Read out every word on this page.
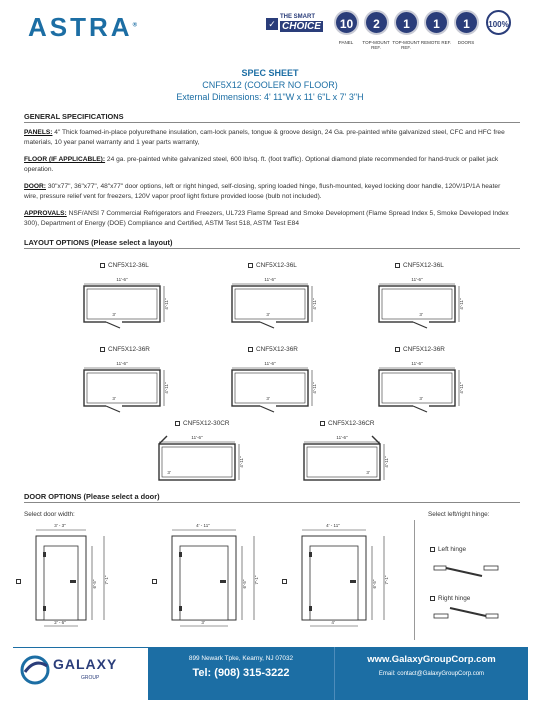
ASTRA®	✓
THE SMART
CHOICE	10
PANEL
2
TOP-MOUNT REF.
1
TOP-MOUNT REF.
1
REMOTE REF.
1
DOORS
100%
SPEC SHEET
CNF5X12 (COOLER NO FLOOR)
External Dimensions: 4' 11"W x 11' 6"L x 7' 3"H
GENERAL SPECIFICATIONS
PANELS: 4" Thick foamed-in-place polyurethane insulation, cam-lock panels, tongue & groove design, 24 Ga. pre-painted white galvanized steel, CFC and HFC free materials, 10 year panel warranty and 1 year parts warranty,
FLOOR (IF APPLICABLE): 24 ga. pre-painted white galvanized steel, 600 lb/sq. ft. (foot traffic). Optional diamond plate recommended for hand-truck or pallet jack operation.
DOOR: 30"x77", 36"x77", 48"x77" door options, left or right hinged, self-closing, spring loaded hinge, flush-mounted, keyed locking door handle, 120V/1P/1A heater wire, pressure relief vent for freezers, 120V vapor proof light fixture provided loose (bulb not included).
APPROVALS: NSF/ANSI 7 Commercial Refrigerators and Freezers, UL723 Flame Spread and Smoke Development (Flame Spread Index 5, Smoke Developed Index 300), Department of Energy (DOE) Compliance and Certified, ASTM Test 518, ASTM Test E84
LAYOUT OPTIONS (Please select a layout)
CNF5X12-36L
11'-6"
4'-11"
3'
CNF5X12-36L
11'-6"
4'-11"
3'
CNF5X12-36L
11'-6"
4'-11"
3'
CNF5X12-36R
11'-6"
4'-11"
3'
CNF5X12-36R
11'-6"
4'-11"
3'
CNF5X12-36R
11'-6"
4'-11"
3'
CNF5X12-30CR
11'-6"
4'-11"
3'
CNF5X12-36CR
11'-6"
4'-11"
3'
DOOR OPTIONS (Please select a door)
Select door width:	Select left/right hinge:
3' - 3"
2' - 6"
6'-5" 7'-1"
4' - 11"
3'
6'-5" 7'-1"
4' - 11"
4'
6'-5" 7'-1"
Left hinge
Right hinge
GALAXY
GROUP
899 Newark Tpke, Kearny, NJ 07032
Tel: (908) 315-3222
www.GalaxyGroupCorp.com
Email: contact@GalaxyGroupCorp.com
